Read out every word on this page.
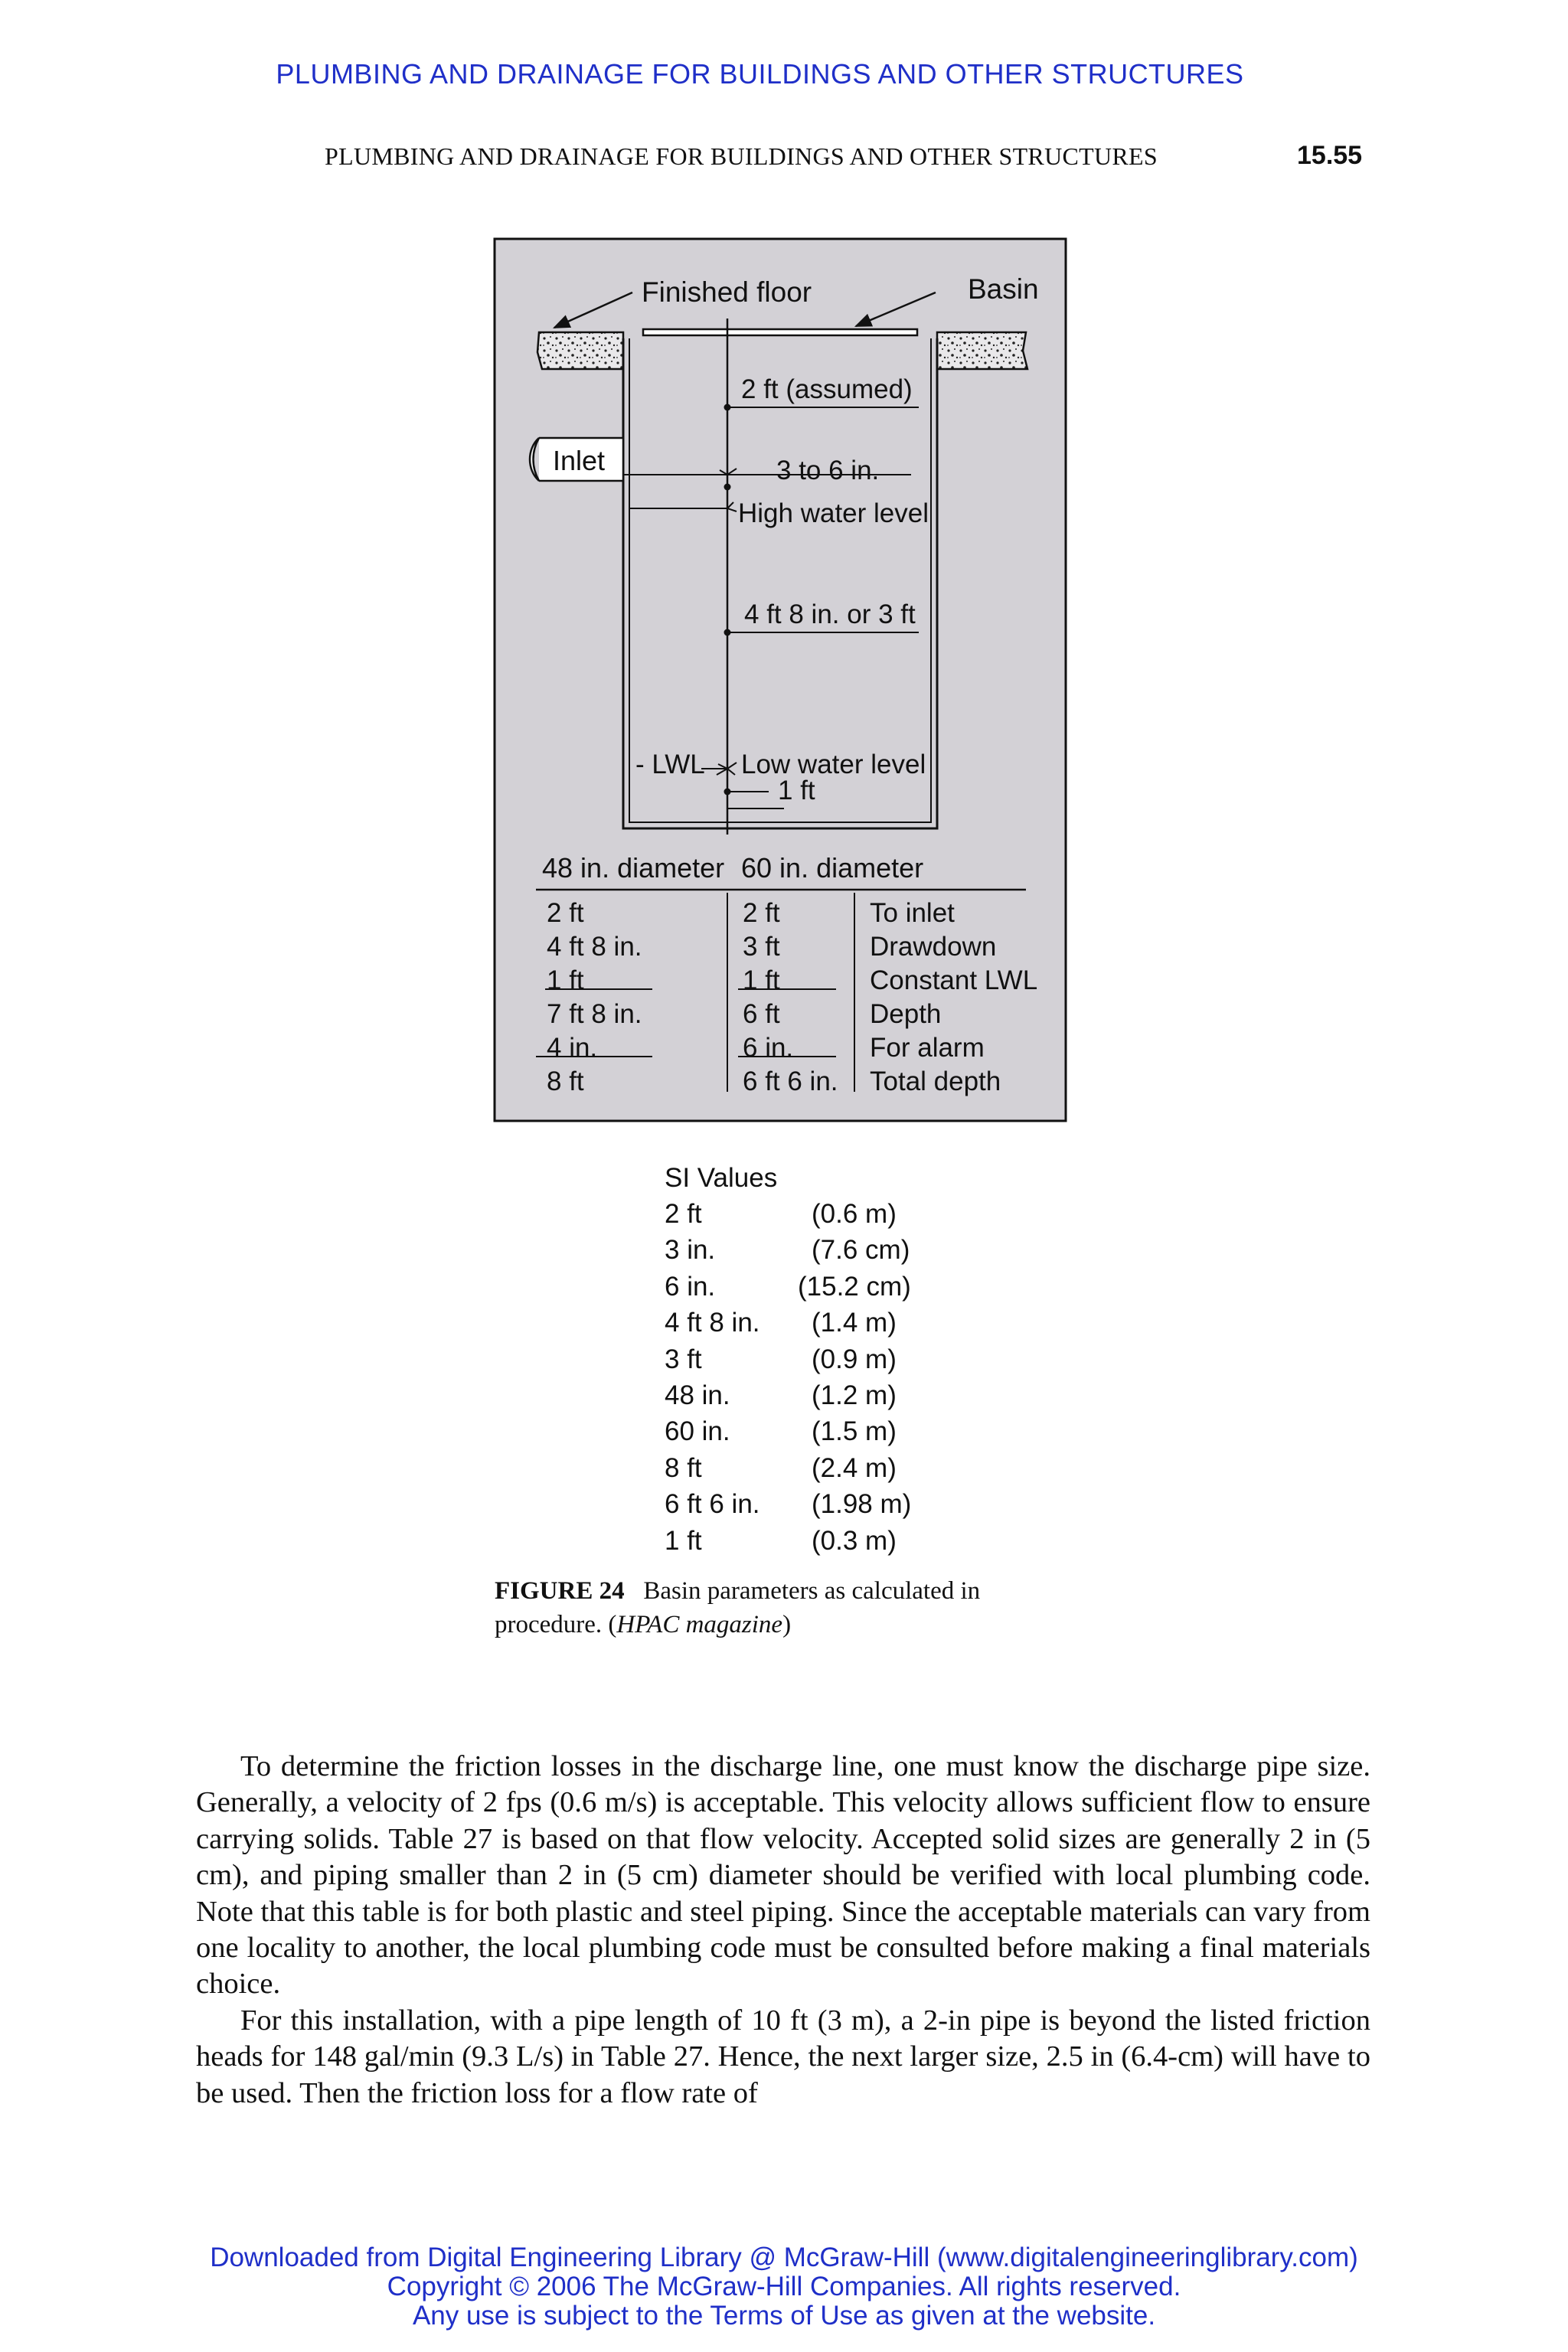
PLUMBING AND DRAINAGE FOR BUILDINGS AND OTHER STRUCTURES
PLUMBING AND DRAINAGE FOR BUILDINGS AND OTHER STRUCTURES	15.55
Finished floor	Basin
Inlet
2 ft (assumed)
3 to 6 in.
High water level
4 ft 8 in. or 3 ft
- LWL Low water level
1 ft
48 in. diameter 60 in. diameter
2 ft	2 ft	To inlet
4 ft 8 in.	3 ft	Drawdown
1 ft	1 ft	Constant LWL
7 ft 8 in.	6 ft	Depth
4 in.	6 in.	For alarm
8 ft	6 ft 6 in. Total depth
SI Values
2 ft	(0.6 m)
3 in.	(7.6 cm)
6 in.	(15.2 cm)
4 ft 8 in. (1.4 m)
3 ft	(0.9 m)
48 in.	(1.2 m)
60 in.	(1.5 m)
8 ft	(2.4 m)
6 ft 6 in. (1.98 m)
1 ft	(0.3 m)
FIGURE 24 Basin parameters as calculated in procedure. (HPAC magazine)

To determine the friction losses in the discharge line, one must know the discharge pipe size. Generally, a velocity of 2 fps (0.6 m/s) is acceptable. This velocity allows sufficient flow to ensure carrying solids. Table 27 is based on that flow velocity. Accepted solid sizes are generally 2 in (5 cm), and piping smaller than 2 in (5 cm) diameter should be verified with local plumbing code. Note that this table is for both plastic and steel piping. Since the acceptable materials can vary from one locality to another, the local plumbing code must be consulted before making a final materials choice.

For this installation, with a pipe length of 10 ft (3 m), a 2-in pipe is beyond the listed friction heads for 148 gal/min (9.3 L/s) in Table 27. Hence, the next larger size, 2.5 in (6.4-cm) will have to be used. Then the friction loss for a flow rate of

Downloaded from Digital Engineering Library @ McGraw-Hill (www.digitalengineeringlibrary.com)
Copyright © 2006 The McGraw-Hill Companies. All rights reserved.
Any use is subject to the Terms of Use as given at the website.
